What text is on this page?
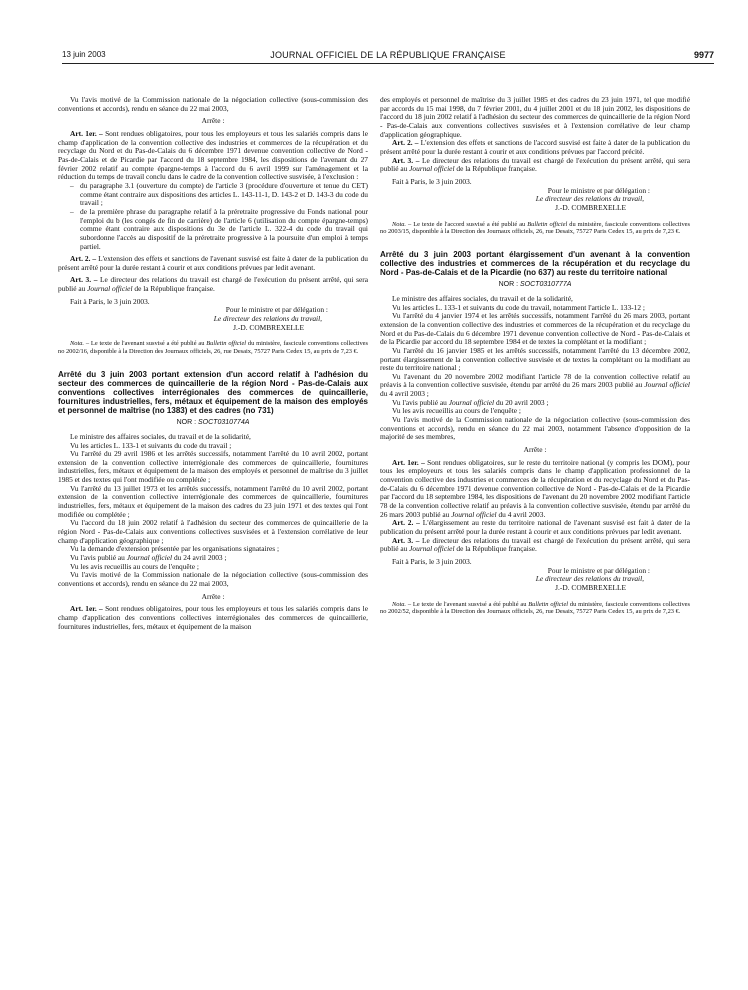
13 juin 2003	JOURNAL OFFICIEL DE LA RÉPUBLIQUE FRANÇAISE	9977

Vu l'avis motivé de la Commission nationale de la négociation collective (sous-commission des conventions et accords), rendu en séance du 22 mai 2003,

Arrête :

Art. 1er. – Sont rendues obligatoires, pour tous les employeurs et tous les salariés compris dans le champ d'application de la convention collective des industries et commerces de la récupération et du recyclage du Nord et du Pas-de-Calais du 6 décembre 1971 devenue convention collective de Nord - Pas-de-Calais et de Picardie par l'accord du 18 septembre 1984, les dispositions de l'avenant du 27 février 2002 relatif au compte épargne-temps à l'accord du 6 avril 1999 sur l'aménagement et la réduction du temps de travail conclu dans le cadre de la convention collective susvisée, à l'exclusion :

– du paragraphe 3.1 (ouverture du compte) de l'article 3 (procédure d'ouverture et tenue du CET) comme étant contraire aux dispositions des articles L. 143-11-1, D. 143-2 et D. 143-3 du code du travail ;
– de la première phrase du paragraphe relatif à la préretraite progressive du Fonds national pour l'emploi du b (les congés de fin de carrière) de l'article 6 (utilisation du compte épargne-temps) comme étant contraire aux dispositions du 3e de l'article L. 322-4 du code du travail qui subordonne l'accès au dispositif de la préretraite progressive à la poursuite d'un emploi à temps partiel.

Art. 2. – L'extension des effets et sanctions de l'avenant susvisé est faite à dater de la publication du présent arrêté pour la durée restant à courir et aux conditions prévues par ledit avenant.

Art. 3. – Le directeur des relations du travail est chargé de l'exécution du présent arrêté, qui sera publié au Journal officiel de la République française.

Fait à Paris, le 3 juin 2003.

Pour le ministre et par délégation :

Le directeur des relations du travail,

J.-D. COMBREXELLE

Nota. – Le texte de l'avenant susvisé a été publié au Bulletin officiel du ministère, fascicule conventions collectives no 2002/16, disponible à la Direction des Journaux officiels, 26, rue Desaix, 75727 Paris Cedex 15, au prix de 7,23 €.

Arrêté du 3 juin 2003 portant extension d'un accord relatif à l'adhésion du secteur des commerces de quincaillerie de la région Nord - Pas-de-Calais aux conventions collectives interrégionales des commerces de quincaillerie, fournitures industrielles, fers, métaux et équipement de la maison des employés et personnel de maîtrise (no 1383) et des cadres (no 731)

NOR : SOCT0310774A

Le ministre des affaires sociales, du travail et de la solidarité,

Vu les articles L. 133-1 et suivants du code du travail ;

Vu l'arrêté du 29 avril 1986 et les arrêtés successifs, notamment l'arrêté du 10 avril 2002, portant extension de la convention collective interrégionale des commerces de quincaillerie, fournitures industrielles, fers, métaux et équipement de la maison des employés et personnel de maîtrise du 3 juillet 1985 et des textes qui l'ont modifiée ou complétée ;

Vu l'arrêté du 13 juillet 1973 et les arrêtés successifs, notamment l'arrêté du 10 avril 2002, portant extension de la convention collective interrégionale des commerces de quincaillerie, fournitures industrielles, fers, métaux et équipement de la maison des cadres du 23 juin 1971 et des textes qui l'ont modifiée ou complétée ;

Vu l'accord du 18 juin 2002 relatif à l'adhésion du secteur des commerces de quincaillerie de la région Nord - Pas-de-Calais aux conventions collectives susvisées et à l'extension corrélative de leur champ d'application géographique ;

Vu la demande d'extension présentée par les organisations signataires ;

Vu l'avis publié au Journal officiel du 24 avril 2003 ;

Vu les avis recueillis au cours de l'enquête ;

Vu l'avis motivé de la Commission nationale de la négociation collective (sous-commission des conventions et accords), rendu en séance du 22 mai 2003,

Arrête :

Art. 1er. – Sont rendues obligatoires, pour tous les employeurs et tous les salariés compris dans le champ d'application des conventions collectives interrégionales des commerces de quincaillerie, fournitures industrielles, fers, métaux et équipement de la maison

des employés et personnel de maîtrise du 3 juillet 1985 et des cadres du 23 juin 1971, tel que modifié par accords du 15 mai 1998, du 7 février 2001, du 4 juillet 2001 et du 18 juin 2002, les dispositions de l'accord du 18 juin 2002 relatif à l'adhésion du secteur des commerces de quincaillerie de la région Nord - Pas-de-Calais aux conventions collectives susvisées et à l'extension corrélative de leur champ d'application géographique.

Art. 2. – L'extension des effets et sanctions de l'accord susvisé est faite à dater de la publication du présent arrêté pour la durée restant à courir et aux conditions prévues par l'accord précité.

Art. 3. – Le directeur des relations du travail est chargé de l'exécution du présent arrêté, qui sera publié au Journal officiel de la République française.

Fait à Paris, le 3 juin 2003.

Pour le ministre et par délégation :

Le directeur des relations du travail,

J.-D. COMBREXELLE

Nota. – Le texte de l'accord susvisé a été publié au Bulletin officiel du ministère, fascicule conventions collectives no 2003/15, disponible à la Direction des Journaux officiels, 26, rue Desaix, 75727 Paris Cedex 15, au prix de 7,23 €.

Arrêté du 3 juin 2003 portant élargissement d'un avenant à la convention collective des industries et commerces de la récupération et du recyclage du Nord - Pas-de-Calais et de la Picardie (no 637) au reste du territoire national

NOR : SOCT0310777A

Le ministre des affaires sociales, du travail et de la solidarité,

Vu les articles L. 133-1 et suivants du code du travail, notamment l'article L. 133-12 ;

Vu l'arrêté du 4 janvier 1974 et les arrêtés successifs, notamment l'arrêté du 26 mars 2003, portant extension de la convention collective des industries et commerces de la récupération et du recyclage du Nord et du Pas-de-Calais du 6 décembre 1971 devenue convention collective de Nord - Pas-de-Calais et de la Picardie par accord du 18 septembre 1984 et de textes la complétant et la modifiant ;

Vu l'arrêté du 16 janvier 1985 et les arrêtés successifs, notamment l'arrêté du 13 décembre 2002, portant élargissement de la convention collective susvisée et de textes la complétant ou la modifiant au reste du territoire national ;

Vu l'avenant du 20 novembre 2002 modifiant l'article 78 de la convention collective relatif au préavis à la convention collective susvisée, étendu par arrêté du 26 mars 2003 publié au Journal officiel du 4 avril 2003 ;

Vu l'avis publié au Journal officiel du 20 avril 2003 ;

Vu les avis recueillis au cours de l'enquête ;

Vu l'avis motivé de la Commission nationale de la négociation collective (sous-commission des conventions et accords), rendu en séance du 22 mai 2003, notamment l'absence d'opposition de la majorité de ses membres,

Arrête :

Art. 1er. – Sont rendues obligatoires, sur le reste du territoire national (y compris les DOM), pour tous les employeurs et tous les salariés compris dans le champ d'application professionnel de la convention collective des industries et commerces de la récupération et du recyclage du Nord et du Pas-de-Calais du 6 décembre 1971 devenue convention collective de Nord - Pas-de-Calais et de la Picardie par l'accord du 18 septembre 1984, les dispositions de l'avenant du 20 novembre 2002 modifiant l'article 78 de la convention collective relatif au préavis à la convention collective susvisée, étendu par arrêté du 26 mars 2003 publié au Journal officiel du 4 avril 2003.

Art. 2. – L'élargissement au reste du territoire national de l'avenant susvisé est fait à dater de la publication du présent arrêté pour la durée restant à courir et aux conditions prévues par ledit avenant.

Art. 3. – Le directeur des relations du travail est chargé de l'exécution du présent arrêté, qui sera publié au Journal officiel de la République française.

Fait à Paris, le 3 juin 2003.

Pour le ministre et par délégation :

Le directeur des relations du travail,

J.-D. COMBREXELLE

Nota. – Le texte de l'avenant susvisé a été publié au Bulletin officiel du ministère, fascicule conventions collectives no 2002/52, disponible à la Direction des Journaux officiels, 26, rue Desaix, 75727 Paris Cedex 15, au prix de 7,23 €.
